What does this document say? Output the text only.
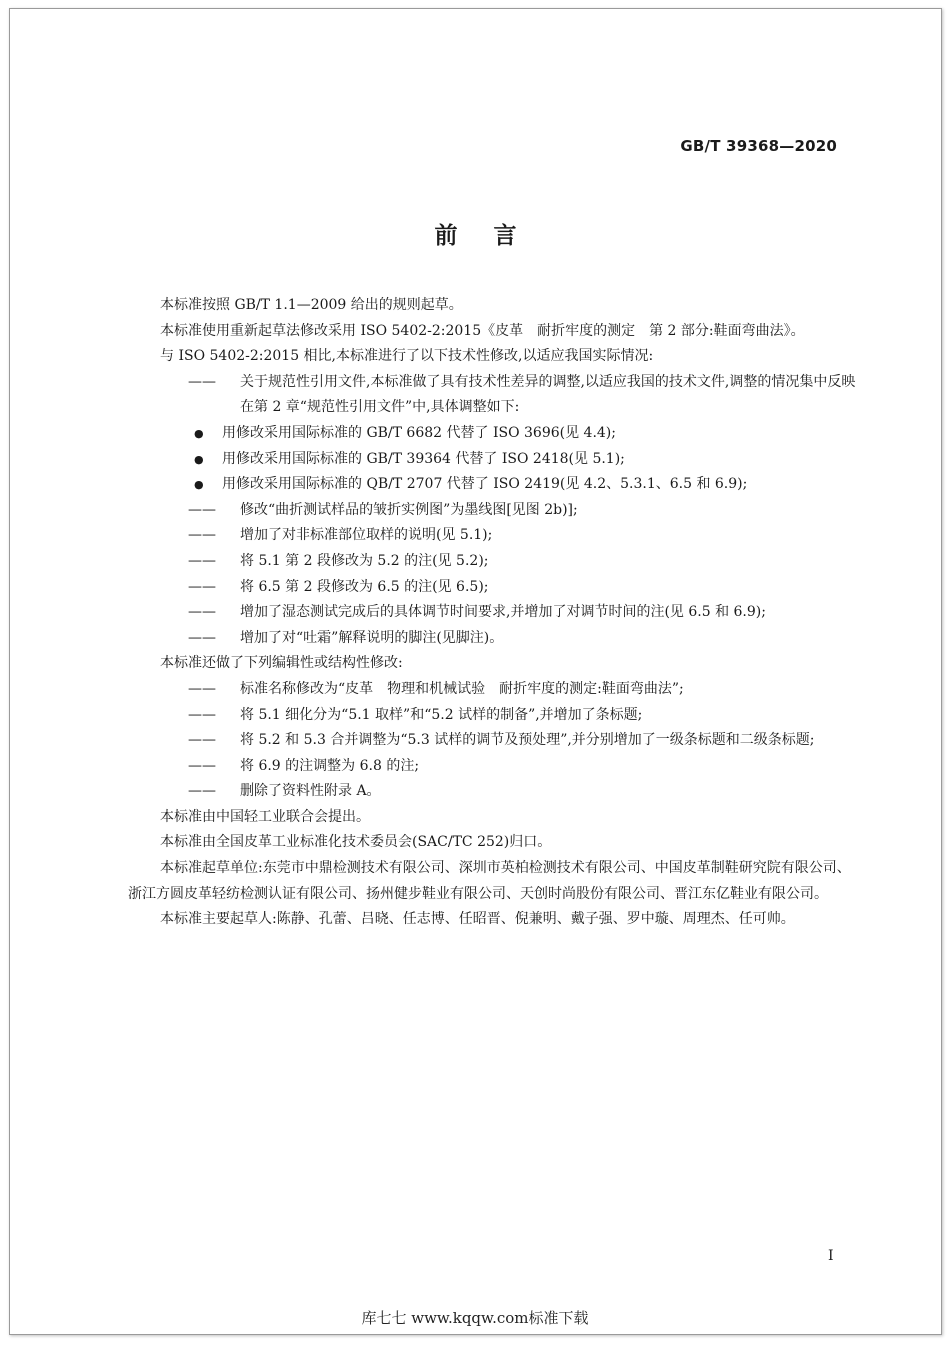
GB/T 39368—2020
前言

本标准按照 GB/T 1.1—2009 给出的规则起草。

本标准使用重新起草法修改采用 ISO 5402-2:2015《皮革　耐折牢度的测定　第 2 部分:鞋面弯曲法》。

与 ISO 5402-2:2015 相比,本标准进行了以下技术性修改,以适应我国实际情况:

—— 关于规范性引用文件,本标准做了具有技术性差异的调整,以适应我国的技术文件,调整的情况集中反映在第 2 章“规范性引用文件”中,具体调整如下:

● 用修改采用国际标准的 GB/T 6682 代替了 ISO 3696(见 4.4);

● 用修改采用国际标准的 GB/T 39364 代替了 ISO 2418(见 5.1);

● 用修改采用国际标准的 QB/T 2707 代替了 ISO 2419(见 4.2、5.3.1、6.5 和 6.9);

—— 修改“曲折测试样品的皱折实例图”为墨线图[见图 2b)];

—— 增加了对非标准部位取样的说明(见 5.1);

—— 将 5.1 第 2 段修改为 5.2 的注(见 5.2);

—— 将 6.5 第 2 段修改为 6.5 的注(见 6.5);

—— 增加了湿态测试完成后的具体调节时间要求,并增加了对调节时间的注(见 6.5 和 6.9);

—— 增加了对“吐霜”解释说明的脚注(见脚注)。

本标准还做了下列编辑性或结构性修改:

—— 标准名称修改为“皮革　物理和机械试验　耐折牢度的测定:鞋面弯曲法”;

—— 将 5.1 细化分为“5.1 取样”和“5.2 试样的制备”,并增加了条标题;

—— 将 5.2 和 5.3 合并调整为“5.3 试样的调节及预处理”,并分别增加了一级条标题和二级条标题;

—— 将 6.9 的注调整为 6.8 的注;

—— 删除了资料性附录 A。

本标准由中国轻工业联合会提出。

本标准由全国皮革工业标准化技术委员会(SAC/TC 252)归口。

本标准起草单位:东莞市中鼎检测技术有限公司、深圳市英柏检测技术有限公司、中国皮革制鞋研究院有限公司、浙江方圆皮革轻纺检测认证有限公司、扬州健步鞋业有限公司、天创时尚股份有限公司、晋江东亿鞋业有限公司。

本标准主要起草人:陈静、孔蕾、吕晓、任志博、任昭晋、倪兼明、戴子强、罗中璇、周理杰、任可帅。

I
库七七 www.kqqw.com标准下载
